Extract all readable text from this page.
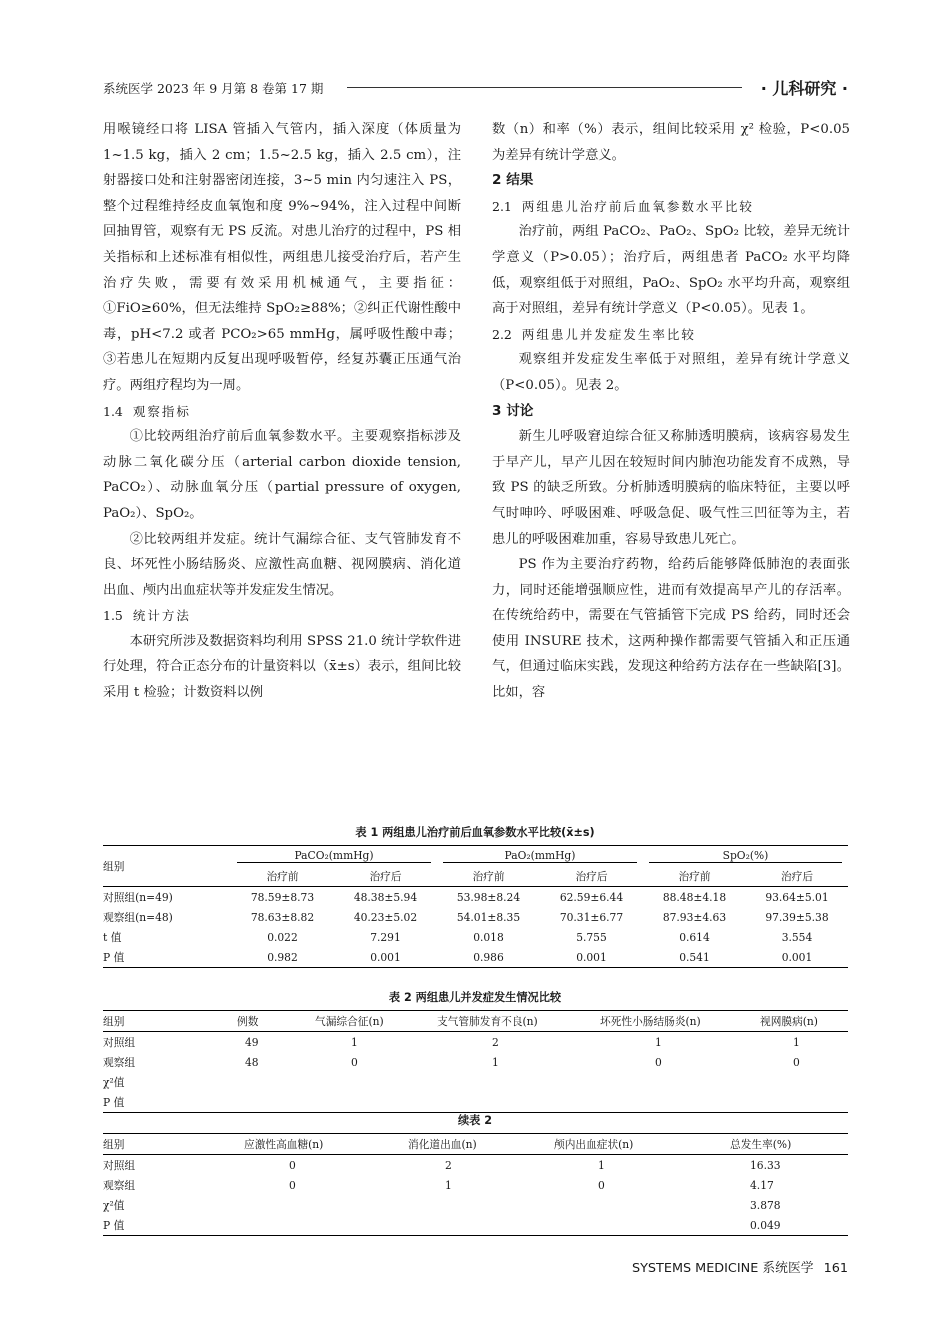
系统医学 2023 年 9 月第 8 卷第 17 期	· 儿科研究 ·

用喉镜经口将 LISA 管插入气管内，插入深度（体质量为 1~1.5 kg，插入 2 cm；1.5~2.5 kg，插入 2.5 cm），注射器接口处和注射器密闭连接，3~5 min 内匀速注入 PS，整个过程维持经皮血氧饱和度 9%~94%，注入过程中间断回抽胃管，观察有无 PS 反流。对患儿治疗的过程中，PS 相关指标和上述标准有相似性，两组患儿接受治疗后，若产生治疗失败，需要有效采用机械通气，主要指征：①FiO≥60%，但无法维持 SpO₂≥88%；②纠正代谢性酸中毒，pH<7.2 或者 PCO₂>65 mmHg，属呼吸性酸中毒；③若患儿在短期内反复出现呼吸暂停，经复苏囊正压通气治疗。两组疗程均为一周。

1.4 观察指标

①比较两组治疗前后血氧参数水平。主要观察指标涉及动脉二氧化碳分压（arterial carbon dioxide tension, PaCO₂）、动脉血氧分压（partial pressure of oxygen, PaO₂）、SpO₂。

②比较两组并发症。统计气漏综合征、支气管肺发育不良、坏死性小肠结肠炎、应激性高血糖、视网膜病、消化道出血、颅内出血症状等并发症发生情况。

1.5 统计方法

本研究所涉及数据资料均利用 SPSS 21.0 统计学软件进行处理，符合正态分布的计量资料以（x̄±s）表示，组间比较采用 t 检验；计数资料以例

数（n）和率（%）表示，组间比较采用 χ² 检验，P<0.05 为差异有统计学意义。

2 结果

2.1 两组患儿治疗前后血氧参数水平比较

治疗前，两组 PaCO₂、PaO₂、SpO₂ 比较，差异无统计学意义（P>0.05）；治疗后，两组患者 PaCO₂ 水平均降低，观察组低于对照组，PaO₂、SpO₂ 水平均升高，观察组高于对照组，差异有统计学意义（P<0.05）。见表 1。

2.2 两组患儿并发症发生率比较

观察组并发症发生率低于对照组，差异有统计学意义（P<0.05）。见表 2。

3 讨论

新生儿呼吸窘迫综合征又称肺透明膜病，该病容易发生于早产儿，早产儿因在较短时间内肺泡功能发育不成熟，导致 PS 的缺乏所致。分析肺透明膜病的临床特征，主要以呼气时呻吟、呼吸困难、呼吸急促、吸气性三凹征等为主，若患儿的呼吸困难加重，容易导致患儿死亡。

PS 作为主要治疗药物，给药后能够降低肺泡的表面张力，同时还能增强顺应性，进而有效提高早产儿的存活率。在传统给药中，需要在气管插管下完成 PS 给药，同时还会使用 INSURE 技术，这两种操作都需要气管插入和正压通气，但通过临床实践，发现这种给药方法存在一些缺陷[3]。比如，容

表 1 两组患儿治疗前后血氧参数水平比较(x̄±s)
组别	PaCO₂(mmHg)		PaO₂(mmHg)		SpO₂(%)	

	治疗前	治疗后	治疗前	治疗后	治疗前	治疗后
对照组(n=49)	78.59±8.73	48.38±5.94	53.98±8.24	62.59±6.44	88.48±4.18	93.64±5.01
观察组(n=48)	78.63±8.82	40.23±5.02	54.01±8.35	70.31±6.77	87.93±4.63	97.39±5.38
t 值	0.022	7.291	0.018	5.755	0.614	3.554
P 值	0.982	0.001	0.986	0.001	0.541	0.001
表 2 两组患儿并发症发生情况比较
组别	例数	气漏综合征(n)	支气管肺发育不良(n)	坏死性小肠结肠炎(n)	视网膜病(n)
对照组	49	1	2	1	1
观察组	48	0	1	0	0
χ²值					
P 值					
续表 2
组别	应激性高血糖(n)	消化道出血(n)	颅内出血症状(n)	总发生率(%)
对照组	0	2	1	16.33
观察组	0	1	0	4.17
χ²值				3.878
P 值				0.049
SYSTEMS MEDICINE 系统医学 161
